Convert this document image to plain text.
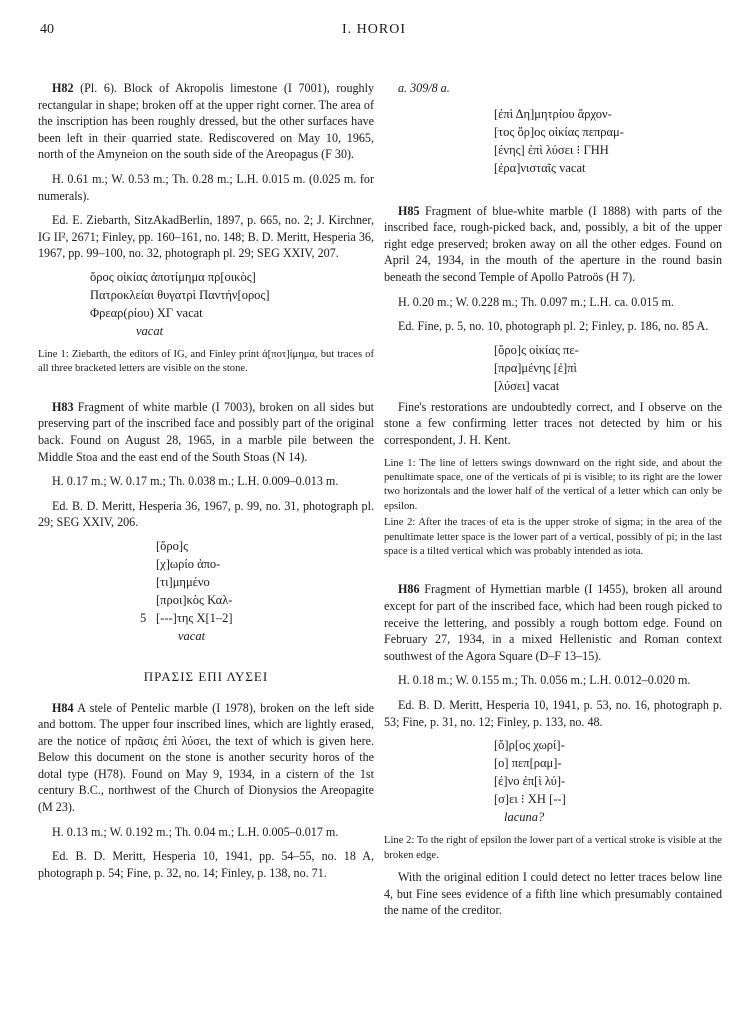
40	I. HOROI

H82 (Pl. 6). Block of Akropolis limestone (I 7001), roughly rectangular in shape; broken off at the upper right corner. The area of the inscription has been roughly dressed, but the other surfaces have been left in their quarried state. Rediscovered on May 10, 1965, north of the Amyneion on the south side of the Areopagus (F 30).

H. 0.61 m.; W. 0.53 m.; Th. 0.28 m.; L.H. 0.015 m. (0.025 m. for numerals).

Ed. E. Ziebarth, SitzAkadBerlin, 1897, p. 665, no. 2; J. Kirchner, IG II², 2671; Finley, pp. 160–161, no. 148; B. D. Meritt, Hesperia 36, 1967, pp. 99–100, no. 32, photograph pl. 29; SEG XXIV, 207.

ὅρος οἰκίας ἀποτίμημα πρ[οικὸς]
Πατροκλείαι θυγατρὶ Παντήν[ορος]
Φρεαρ(ρίου) XΓ vacat
vacat

Line 1: Ziebarth, the editors of IG, and Finley print ἀ[ποτ]ίμημα, but traces of all three bracketed letters are visible on the stone.

H83 Fragment of white marble (I 7003), broken on all sides but preserving part of the inscribed face and possibly part of the original back. Found on August 28, 1965, in a marble pile between the Middle Stoa and the east end of the South Stoas (N 14).

H. 0.17 m.; W. 0.17 m.; Th. 0.038 m.; L.H. 0.009–0.013 m.

Ed. B. D. Meritt, Hesperia 36, 1967, p. 99, no. 31, photograph pl. 29; SEG XXIV, 206.

[ὅρο]ς
[χ]ωρίο ἀπο-
[τι]μημένο
[προι]κὸς Καλ-
5 [---]της X[1–2]
vacat
ΠΡΑΣΙΣ ΕΠΙ ΛΥΣΕΙ

H84 A stele of Pentelic marble (I 1978), broken on the left side and bottom. The upper four inscribed lines, which are lightly erased, are the notice of πρᾶσις ἐπὶ λύσει, the text of which is given here. Below this document on the stone is another security horos of the dotal type (H78). Found on May 9, 1934, in a cistern of the 1st century B.C., northwest of the Church of Dionysios the Areopagite (M 23).

H. 0.13 m.; W. 0.192 m.; Th. 0.04 m.; L.H. 0.005–0.017 m.

Ed. B. D. Meritt, Hesperia 10, 1941, pp. 54–55, no. 18 A, photograph p. 54; Fine, p. 32, no. 14; Finley, p. 138, no. 71.

a. 309/8 a.
[ἐπὶ Δη]μητρίου ἄρχον-
[τος ὅρ]ος οἰκίας πεπραμ-
[ένης] ἐπὶ λύσει ⁝ ΓΗΗ
[ἐρα]νισταῖς vacat

H85 Fragment of blue-white marble (I 1888) with parts of the inscribed face, rough-picked back, and, possibly, a bit of the upper right edge preserved; broken away on all the other edges. Found on April 24, 1934, in the mouth of the aperture in the round basin beneath the second Temple of Apollo Patroös (H 7).

H. 0.20 m.; W. 0.228 m.; Th. 0.097 m.; L.H. ca. 0.015 m.

Ed. Fine, p. 5, no. 10, photograph pl. 2; Finley, p. 186, no. 85 A.

[ὅρο]ς οἰκίας πε-
[πρα]μένης [ἐ]πὶ
[λύσει] vacat

Fine's restorations are undoubtedly correct, and I observe on the stone a few confirming letter traces not detected by him or his correspondent, J. H. Kent.

Line 1: The line of letters swings downward on the right side, and about the penultimate space, one of the verticals of pi is visible; to its right are the lower two horizontals and the lower half of the vertical of a letter which can only be epsilon.

Line 2: After the traces of eta is the upper stroke of sigma; in the area of the penultimate letter space is the lower part of a vertical, possibly of pi; in the last space is a tilted vertical which was probably intended as iota.

H86 Fragment of Hymettian marble (I 1455), broken all around except for part of the inscribed face, which had been rough picked to receive the lettering, and possibly a rough bottom edge. Found on February 27, 1934, in a mixed Hellenistic and Roman context southwest of the Agora Square (D–F 13–15).

H. 0.18 m.; W. 0.155 m.; Th. 0.056 m.; L.H. 0.012–0.020 m.

Ed. B. D. Meritt, Hesperia 10, 1941, p. 53, no. 16, photograph p. 53; Fine, p. 31, no. 12; Finley, p. 133, no. 48.

[ὅ]ρ[ος χωρί]-
[ο] πεπ[ραμ]-
[έ]νο ἐπ[ὶ λύ]-
[σ]ει ⁝ XH [--]
lacuna?

Line 2: To the right of epsilon the lower part of a vertical stroke is visible at the broken edge.

With the original edition I could detect no letter traces below line 4, but Fine sees evidence of a fifth line which presumably contained the name of the creditor.
